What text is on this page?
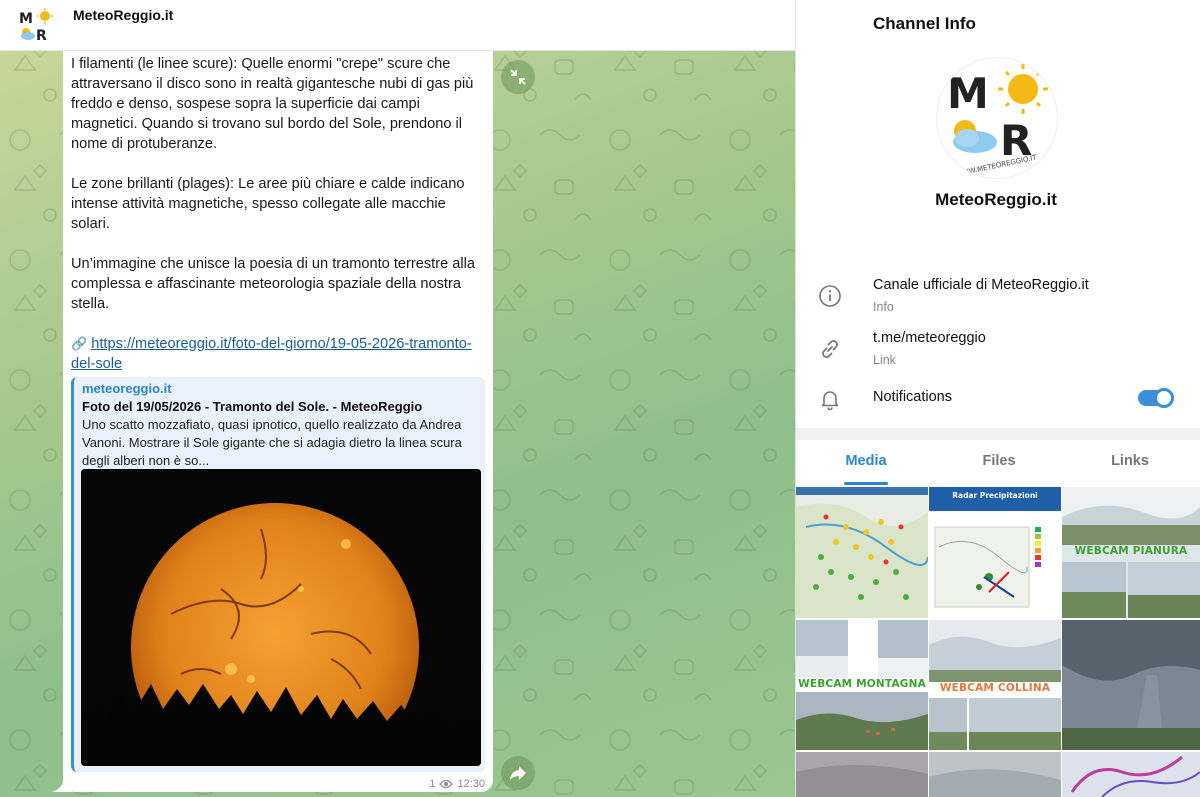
M
R
MeteoReggio.it

I filamenti (le linee scure): Quelle enormi "crepe" scure che attraversano il disco sono in realtà gigantesche nubi di gas più freddo e denso, sospese sopra la superficie dai campi magnetici. Quando si trovano sul bordo del Sole, prendono il nome di protuberanze.

Le zone brillanti (plages): Le aree più chiare e calde indicano intense attività magnetiche, spesso collegate alle macchie solari.

Un’immagine che unisce la poesia di un tramonto terrestre alla complessa e affascinante meteorologia spaziale della nostra stella.

🔗 https://meteoreggio.it/foto-del-giorno/19-05-2026-tramonto-del-sole
meteoreggio.it
Foto del 19/05/2026 - Tramonto del Sole. - MeteoReggio
Uno scatto mozzafiato, quasi ipnotico, quello realizzato da Andrea Vanoni. Mostrare il Sole gigante che si adagia dietro la linea scura degli alberi non è so...
1 12:30
Channel Info
M
R
WWW.METEOREGGIO.IT
MeteoReggio.it
Canale ufficiale di MeteoReggio.it
Info
t.me/meteoreggio
Link
Notifications
Media	Files	Links
Radar Precipitazioni
WEBCAM PIANURA
WEBCAM MONTAGNA	WEBCAM COLLINA
